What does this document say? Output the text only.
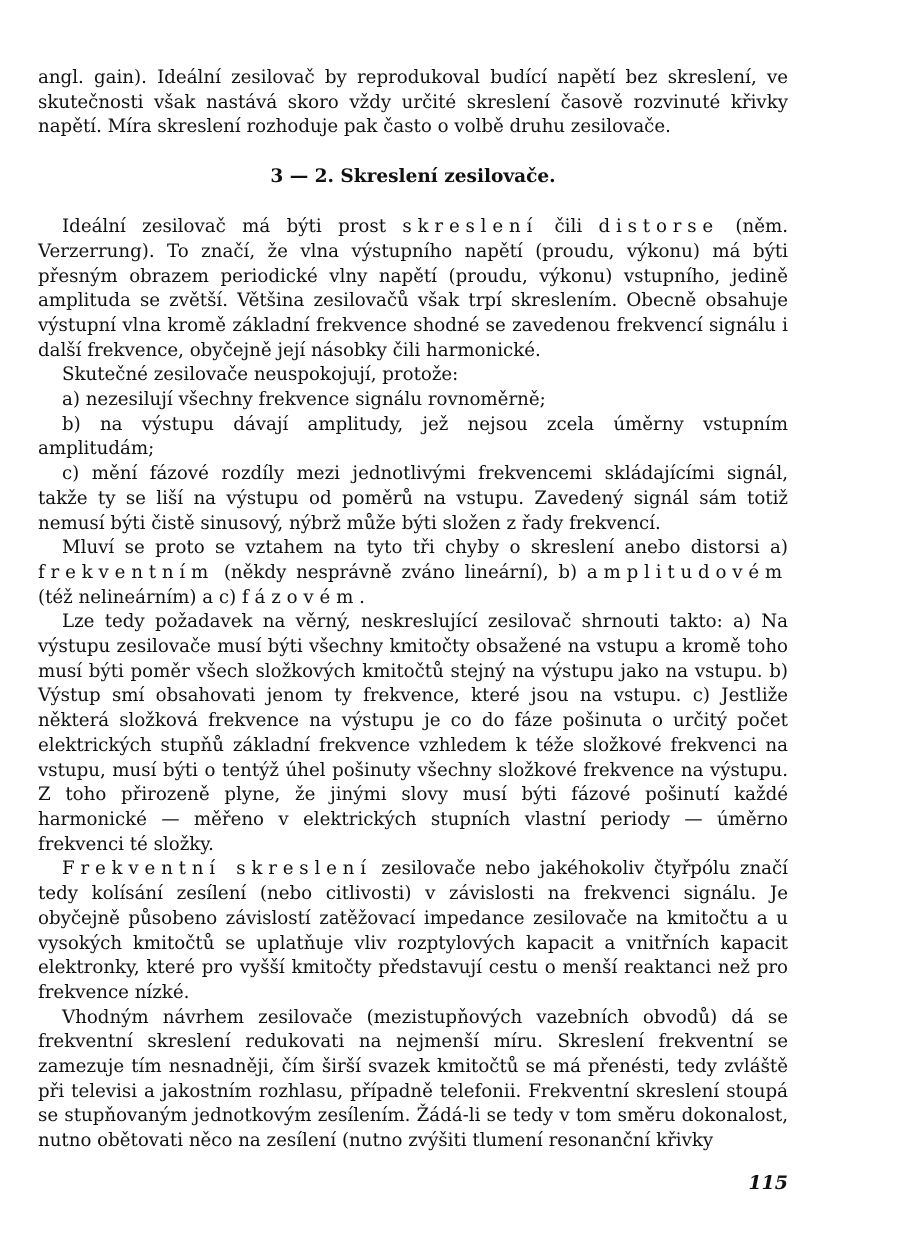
angl. gain). Ideální zesilovač by reprodukoval budící napětí bez skreslení, ve skutečnosti však nastává skoro vždy určité skreslení časově rozvinuté křivky napětí. Míra skreslení rozhoduje pak často o volbě druhu zesilovače.

3 — 2. Skreslení zesilovače.

Ideální zesilovač má býti prost skreslení čili distorse (něm. Verzerrung). To značí, že vlna výstupního napětí (proudu, výkonu) má býti přesným obrazem periodické vlny napětí (proudu, výkonu) vstupního, jedině amplituda se zvětší. Většina zesilovačů však trpí skreslením. Obecně obsahuje výstupní vlna kromě základní frekvence shodné se zavedenou frekvencí signálu i další frekvence, obyčejně její násobky čili harmonické.

Skutečné zesilovače neuspokojují, protože:

a) nezesilují všechny frekvence signálu rovnoměrně;

b) na výstupu dávají amplitudy, jež nejsou zcela úměrny vstupním amplitudám;

c) mění fázové rozdíly mezi jednotlivými frekvencemi skládajícími signál, takže ty se liší na výstupu od poměrů na vstupu. Zavedený signál sám totiž nemusí býti čistě sinusový, nýbrž může býti složen z řady frekvencí.

Mluví se proto se vztahem na tyto tři chyby o skreslení anebo distorsi a) frekventním (někdy nesprávně zváno lineární), b) amplitudovém (též nelineárním) a c) fázovém.

Lze tedy požadavek na věrný, neskreslující zesilovač shrnouti takto: a) Na výstupu zesilovače musí býti všechny kmitočty obsažené na vstupu a kromě toho musí býti poměr všech složkových kmitočtů stejný na výstupu jako na vstupu. b) Výstup smí obsahovati jenom ty frekvence, které jsou na vstupu. c) Jestliže některá složková frekvence na výstupu je co do fáze pošinuta o určitý počet elektrických stupňů základní frekvence vzhledem k téže složkové frekvenci na vstupu, musí býti o tentýž úhel pošinuty všechny složkové frekvence na výstupu. Z toho přirozeně plyne, že jinými slovy musí býti fázové pošinutí každé harmonické — měřeno v elektrických stupních vlastní periody — úměrno frekvenci té složky.

Frekventní skreslení zesilovače nebo jakéhokoliv čtyřpólu značí tedy kolísání zesílení (nebo citlivosti) v závislosti na frekvenci signálu. Je obyčejně působeno závislostí zatěžovací impedance zesilovače na kmitočtu a u vysokých kmitočtů se uplatňuje vliv rozptylových kapacit a vnitřních kapacit elektronky, které pro vyšší kmitočty představují cestu o menší reaktanci než pro frekvence nízké.

Vhodným návrhem zesilovače (mezistupňových vazebních obvodů) dá se frekventní skreslení redukovati na nejmenší míru. Skreslení frekventní se zamezuje tím nesnadněji, čím širší svazek kmitočtů se má přenésti, tedy zvláště při televisi a jakostním rozhlasu, případně telefonii. Frekventní skreslení stoupá se stupňovaným jednotkovým zesílením. Žádá-li se tedy v tom směru dokonalost, nutno obětovati něco na zesílení (nutno zvýšiti tlumení resonanční křivky

115
